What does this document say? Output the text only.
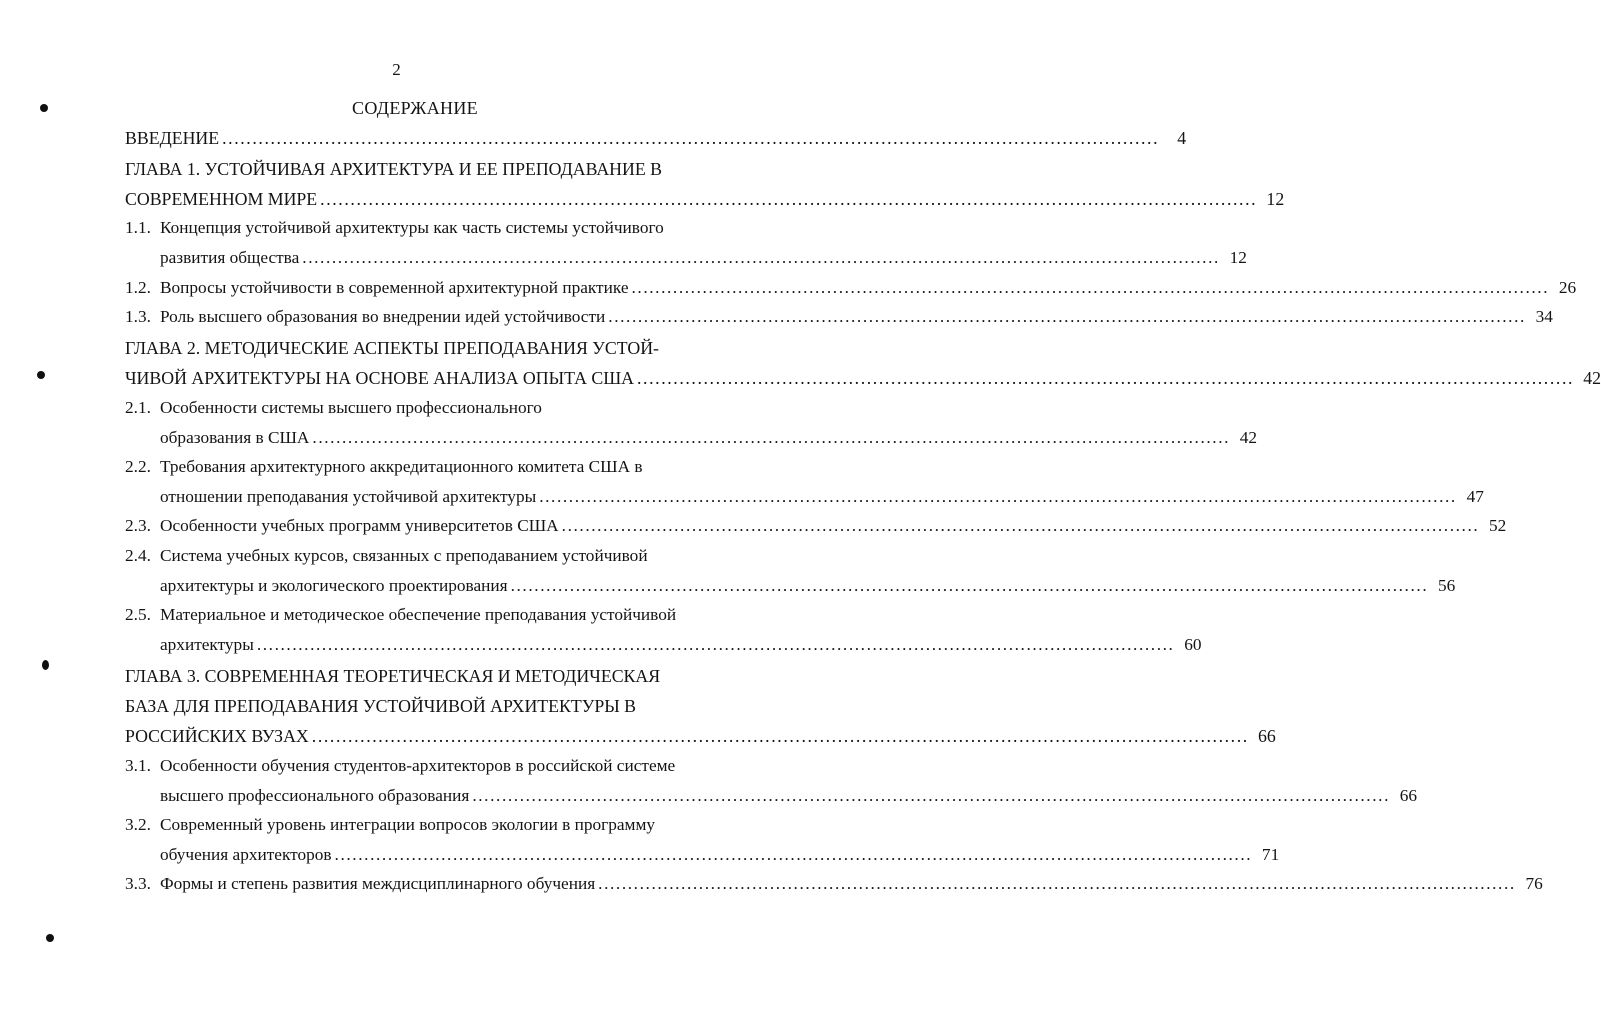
2
СОДЕРЖАНИЕ
ВВЕДЕНИЕ .....	4
ГЛАВА 1. УСТОЙЧИВАЯ АРХИТЕКТУРА И ЕЕ ПРЕПОДАВАНИЕ В
СОВРЕМЕННОМ МИРЕ .....	12
1.1. Концепция устойчивой архитектуры как часть системы устойчивого
развития общества .....	12
1.2. Вопросы устойчивости в современной архитектурной практике .....	26
1.3. Роль высшего образования во внедрении идей устойчивости .....	34
ГЛАВА 2. МЕТОДИЧЕСКИЕ АСПЕКТЫ ПРЕПОДАВАНИЯ УСТОЙ-
ЧИВОЙ АРХИТЕКТУРЫ НА ОСНОВЕ АНАЛИЗА ОПЫТА США .....	42
2.1. Особенности системы высшего профессионального
образования в США .....	42
2.2. Требования архитектурного аккредитационного комитета США в
отношении преподавания устойчивой архитектуры .....	47
2.3. Особенности учебных программ университетов США .....	52
2.4. Система учебных курсов, связанных с преподаванием устойчивой
архитектуры и экологического проектирования .....	56
2.5. Материальное и методическое обеспечение преподавания устойчивой
архитектуры .....	60
ГЛАВА 3. СОВРЕМЕННАЯ ТЕОРЕТИЧЕСКАЯ И МЕТОДИЧЕСКАЯ
БАЗА ДЛЯ ПРЕПОДАВАНИЯ УСТОЙЧИВОЙ АРХИТЕКТУРЫ В
РОССИЙСКИХ ВУЗАХ .....	66
3.1. Особенности обучения студентов-архитекторов в российской системе
высшего профессионального образования .....	66
3.2. Современный уровень интеграции вопросов экологии в программу
обучения архитекторов .....	71
3.3. Формы и степень развития междисциплинарного обучения .....	76
